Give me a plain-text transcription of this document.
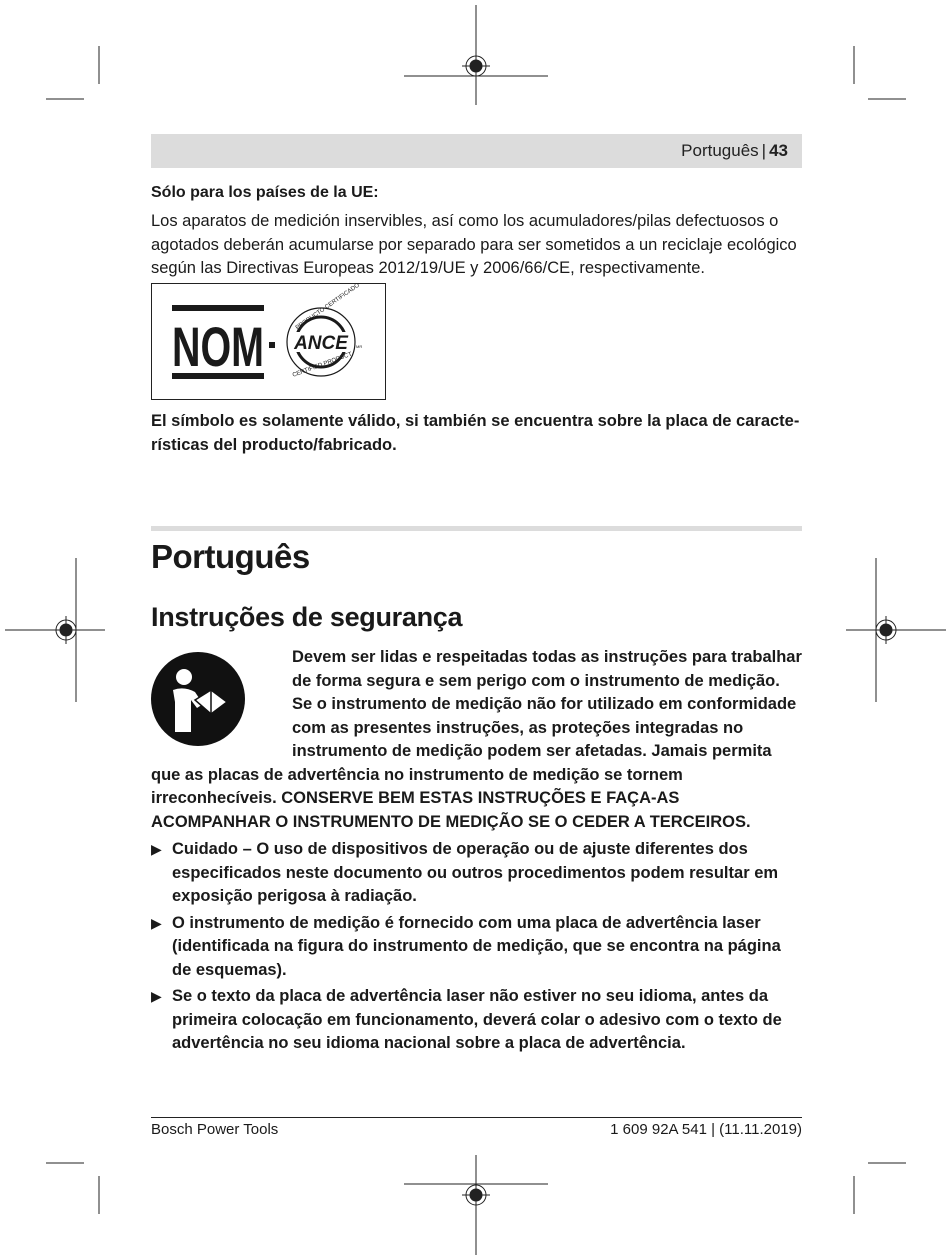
Português | 43
Sólo para los países de la UE:
Los aparatos de medición inservibles, así como los acumuladores/pilas defectuosos o agotados deberán acumularse por separado para ser sometidos a un reciclaje ecológico según las Directivas Europeas 2012/19/UE y 2006/66/CE, respectivamente.
NOM ANCE
PRODUCTO CERTIFICADO
CERTIFIED PRODUCT
MR
El símbolo es solamente válido, si también se encuentra sobre la placa de caracte-rísticas del producto/fabricado.
Português
Instruções de segurança
Devem ser lidas e respeitadas todas as instruções para trabalhar de forma segura e sem perigo com o instrumento de medição. Se o instrumento de medição não for utilizado em conformidade com as presentes instruções, as proteções integradas no instrumento de medição podem ser afetadas. Jamais permita
que as placas de advertência no instrumento de medição se tornem irreconhecíveis. CONSERVE BEM ESTAS INSTRUÇÕES E FAÇA-AS ACOMPANHAR O INSTRUMENTO DE MEDIÇÃO SE O CEDER A TERCEIROS.
▶ Cuidado – O uso de dispositivos de operação ou de ajuste diferentes dos especificados neste documento ou outros procedimentos podem resultar em exposição perigosa à radiação.
▶ O instrumento de medição é fornecido com uma placa de advertência laser (identificada na figura do instrumento de medição, que se encontra na página de esquemas).
▶ Se o texto da placa de advertência laser não estiver no seu idioma, antes da primeira colocação em funcionamento, deverá colar o adesivo com o texto de advertência no seu idioma nacional sobre a placa de advertência.
Bosch Power Tools	1 609 92A 541 | (11.11.2019)
